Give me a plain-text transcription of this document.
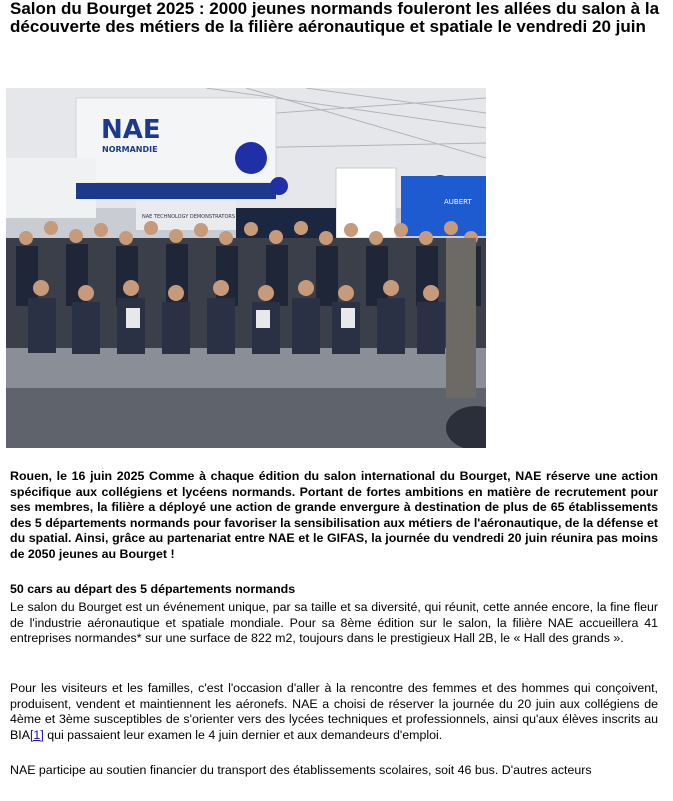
Salon du Bourget 2025 : 2000 jeunes normands fouleront les allées du salon à la découverte des métiers de la filière aéronautique et spatiale le vendredi 20 juin
NAE
NORMANDIE
AUBERT
NAE TECHNOLOGY DEMONSTRATORS

Rouen, le 16 juin 2025 Comme à chaque édition du salon international du Bourget, NAE réserve une action spécifique aux collégiens et lycéens normands. Portant de fortes ambitions en matière de recrutement pour ses membres, la filière a déployé une action de grande envergure à destination de plus de 65 établissements des 5 départements normands pour favoriser la sensibilisation aux métiers de l'aéronautique, de la défense et du spatial. Ainsi, grâce au partenariat entre NAE et le GIFAS, la journée du vendredi 20 juin réunira pas moins de 2050 jeunes au Bourget !

50 cars au départ des 5 départements normands

Le salon du Bourget est un événement unique, par sa taille et sa diversité, qui réunit, cette année encore, la fine fleur de l'industrie aéronautique et spatiale mondiale. Pour sa 8ème édition sur le salon, la filière NAE accueillera 41 entreprises normandes* sur une surface de 822 m2, toujours dans le prestigieux Hall 2B, le « Hall des grands ».

Pour les visiteurs et les familles, c'est l'occasion d'aller à la rencontre des femmes et des hommes qui conçoivent, produisent, vendent et maintiennent les aéronefs. NAE a choisi de réserver la journée du 20 juin aux collégiens de 4ème et 3ème susceptibles de s'orienter vers des lycées techniques et professionnels, ainsi qu'aux élèves inscrits au BIA[1] qui passaient leur examen le 4 juin dernier et aux demandeurs d'emploi.

NAE participe au soutien financier du transport des établissements scolaires, soit 46 bus. D'autres acteurs
